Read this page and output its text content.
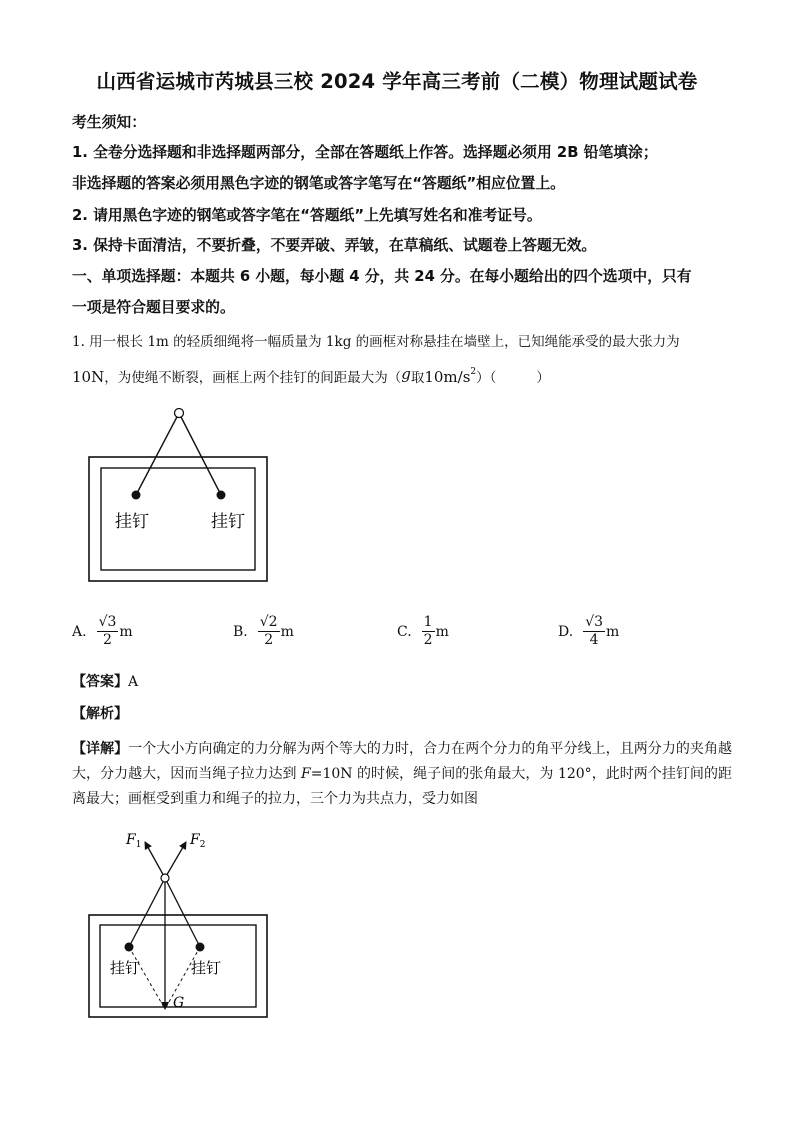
山西省运城市芮城县三校 2024 学年高三考前（二模）物理试题试卷
考生须知：
1. 全卷分选择题和非选择题两部分，全部在答题纸上作答。选择题必须用 2B 铅笔填涂；
非选择题的答案必须用黑色字迹的钢笔或答字笔写在“答题纸”相应位置上。
2. 请用黑色字迹的钢笔或答字笔在“答题纸”上先填写姓名和准考证号。
3. 保持卡面清洁，不要折叠，不要弄破、弄皱，在草稿纸、试题卷上答题无效。
一、单项选择题：本题共 6 小题，每小题 4 分，共 24 分。在每小题给出的四个选项中，只有
一项是符合题目要求的。
1. 用一根长 1m 的轻质细绳将一幅质量为 1kg 的画框对称悬挂在墙壁上，已知绳能承受的最大张力为
10N，为使绳不断裂，画框上两个挂钉的间距最大为（g取$10m/s^2$）（	）
挂钉	挂钉
A. $\frac{√3}{2}$ m	B. $\frac{√2}{2}$ m	C. $\frac{1}{2}$ m	D. $\frac{√3}{4}$ m
【答案】A
【解析】
【详解】一个大小方向确定的力分解为两个等大的力时，合力在两个分力的角平分线上，且两分力的夹角越大，分力越大，因而当绳子拉力达到 F=10N 的时候，绳子间的张角最大，为 120°，此时两个挂钉间的距离最大；画框受到重力和绳子的拉力，三个力为共点力，受力如图
$F_1$	$F_2$
挂钉	挂钉
G
